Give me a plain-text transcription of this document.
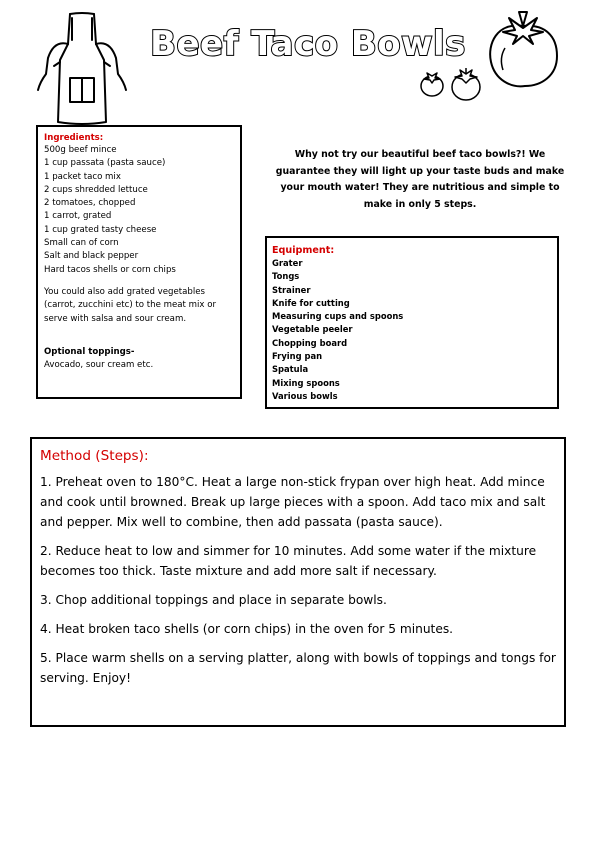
Beef Taco Bowls
Ingredients:
500g beef mince
1 cup passata (pasta sauce)
1 packet taco mix
2 cups shredded lettuce
2 tomatoes, chopped
1 carrot, grated
1 cup grated tasty cheese
Small can of corn
Salt and black pepper
Hard tacos shells or corn chips
You could also add grated vegetables (carrot, zucchini etc) to the meat mix or serve with salsa and sour cream.
Optional toppings-
Avocado, sour cream etc.
Why not try our beautiful beef taco bowls?! We guarantee they will light up your taste buds and make your mouth water! They are nutritious and simple to make in only 5 steps.
Equipment:
Grater
Tongs
Strainer
Knife for cutting
Measuring cups and spoons
Vegetable peeler
Chopping board
Frying pan
Spatula
Mixing spoons
Various bowls
Method (Steps):
1. Preheat oven to 180°C. Heat a large non-stick frypan over high heat. Add mince and cook until browned. Break up large pieces with a spoon. Add taco mix and salt and pepper. Mix well to combine, then add passata (pasta sauce).
2. Reduce heat to low and simmer for 10 minutes. Add some water if the mixture becomes too thick. Taste mixture and add more salt if necessary.
3. Chop additional toppings and place in separate bowls.
4. Heat broken taco shells (or corn chips) in the oven for 5 minutes.
5. Place warm shells on a serving platter, along with bowls of toppings and tongs for serving. Enjoy!
